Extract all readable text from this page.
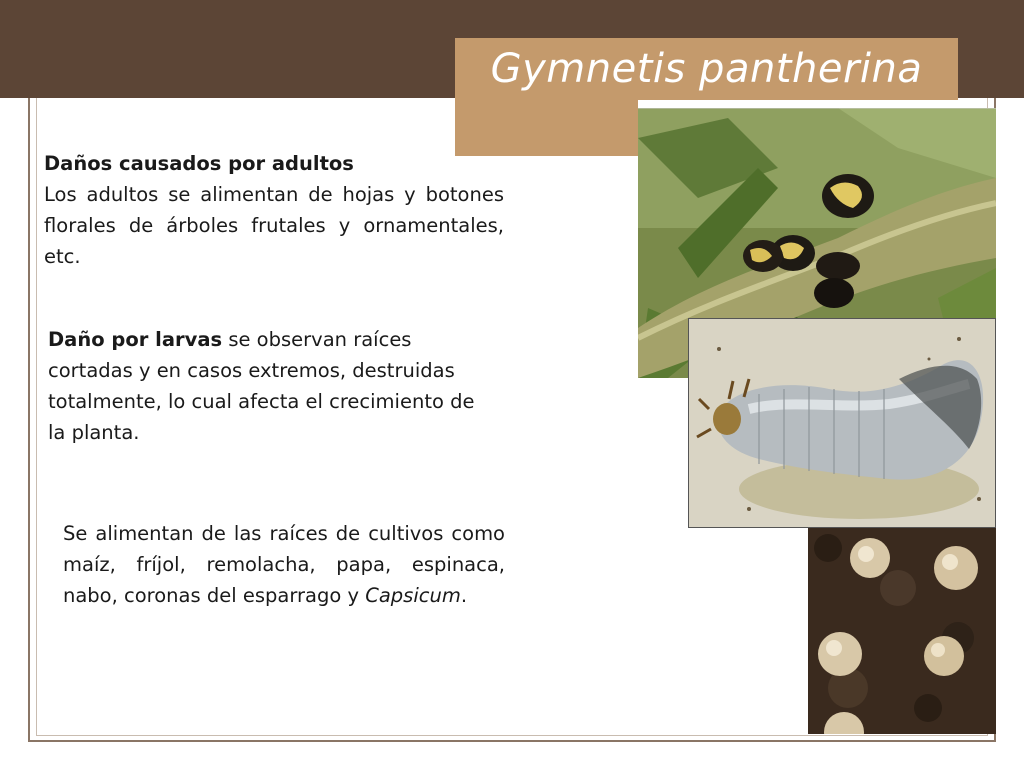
Gymnetis pantherina
Daños causados por adultos
Los adultos se alimentan de hojas y botones florales de árboles frutales y ornamentales, etc.
Daño por larvas se observan raíces cortadas y en casos extremos, destruidas totalmente, lo cual afecta el crecimiento de la planta.
Se alimentan de las raíces de cultivos como maíz, fríjol, remolacha, papa, espinaca, nabo, coronas del esparrago y Capsicum.
